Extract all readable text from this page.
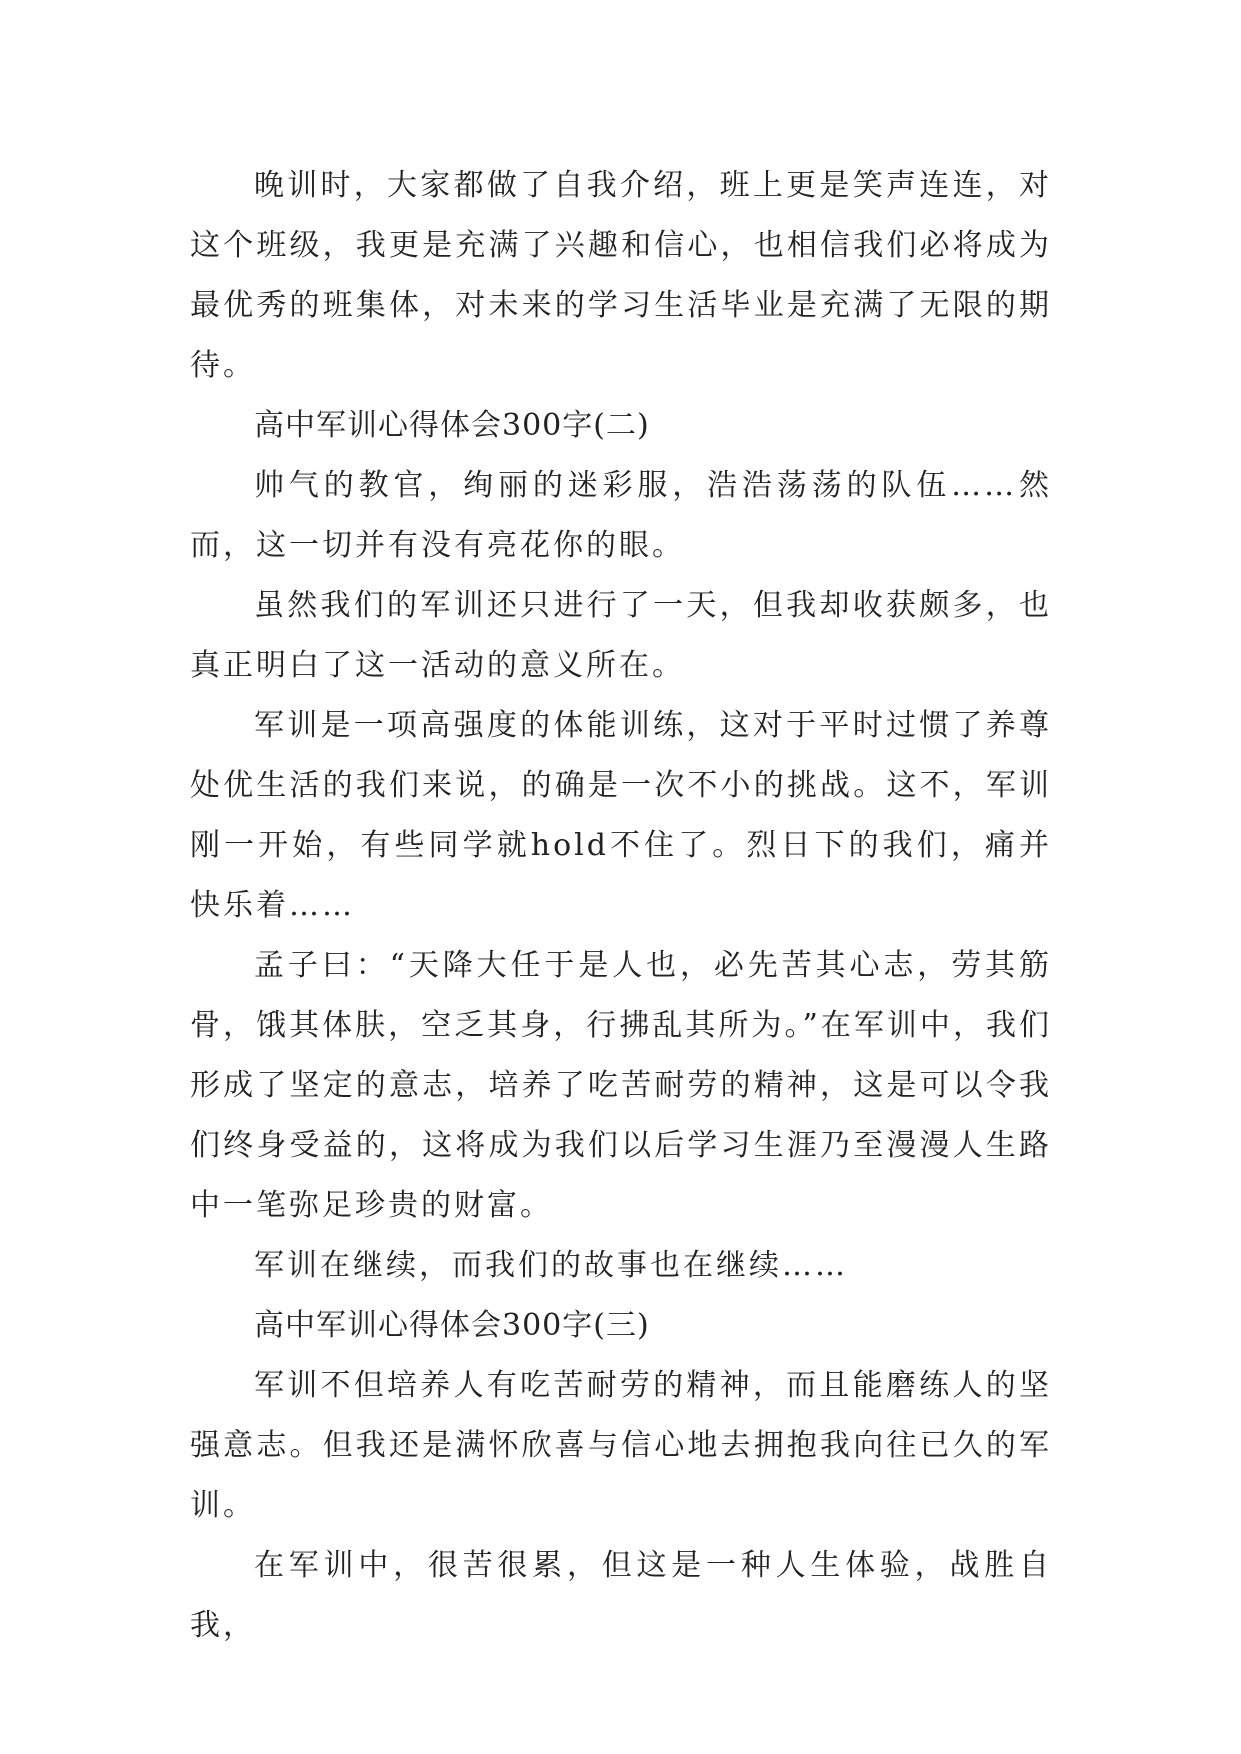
晚训时，大家都做了自我介绍，班上更是笑声连连，对这个班级，我更是充满了兴趣和信心，也相信我们必将成为最优秀的班集体，对未来的学习生活毕业是充满了无限的期待。

高中军训心得体会300字(二)

帅气的教官，绚丽的迷彩服，浩浩荡荡的队伍……然而，这一切并有没有亮花你的眼。

虽然我们的军训还只进行了一天，但我却收获颇多，也真正明白了这一活动的意义所在。

军训是一项高强度的体能训练，这对于平时过惯了养尊处优生活的我们来说，的确是一次不小的挑战。这不，军训刚一开始，有些同学就hold不住了。烈日下的我们，痛并快乐着……

孟子曰：“天降大任于是人也，必先苦其心志，劳其筋骨，饿其体肤，空乏其身，行拂乱其所为。”在军训中，我们形成了坚定的意志，培养了吃苦耐劳的精神，这是可以令我们终身受益的，这将成为我们以后学习生涯乃至漫漫人生路中一笔弥足珍贵的财富。

军训在继续，而我们的故事也在继续……

高中军训心得体会300字(三)

军训不但培养人有吃苦耐劳的精神，而且能磨练人的坚强意志。但我还是满怀欣喜与信心地去拥抱我向往已久的军训。

在军训中，很苦很累，但这是一种人生体验，战胜自我，
